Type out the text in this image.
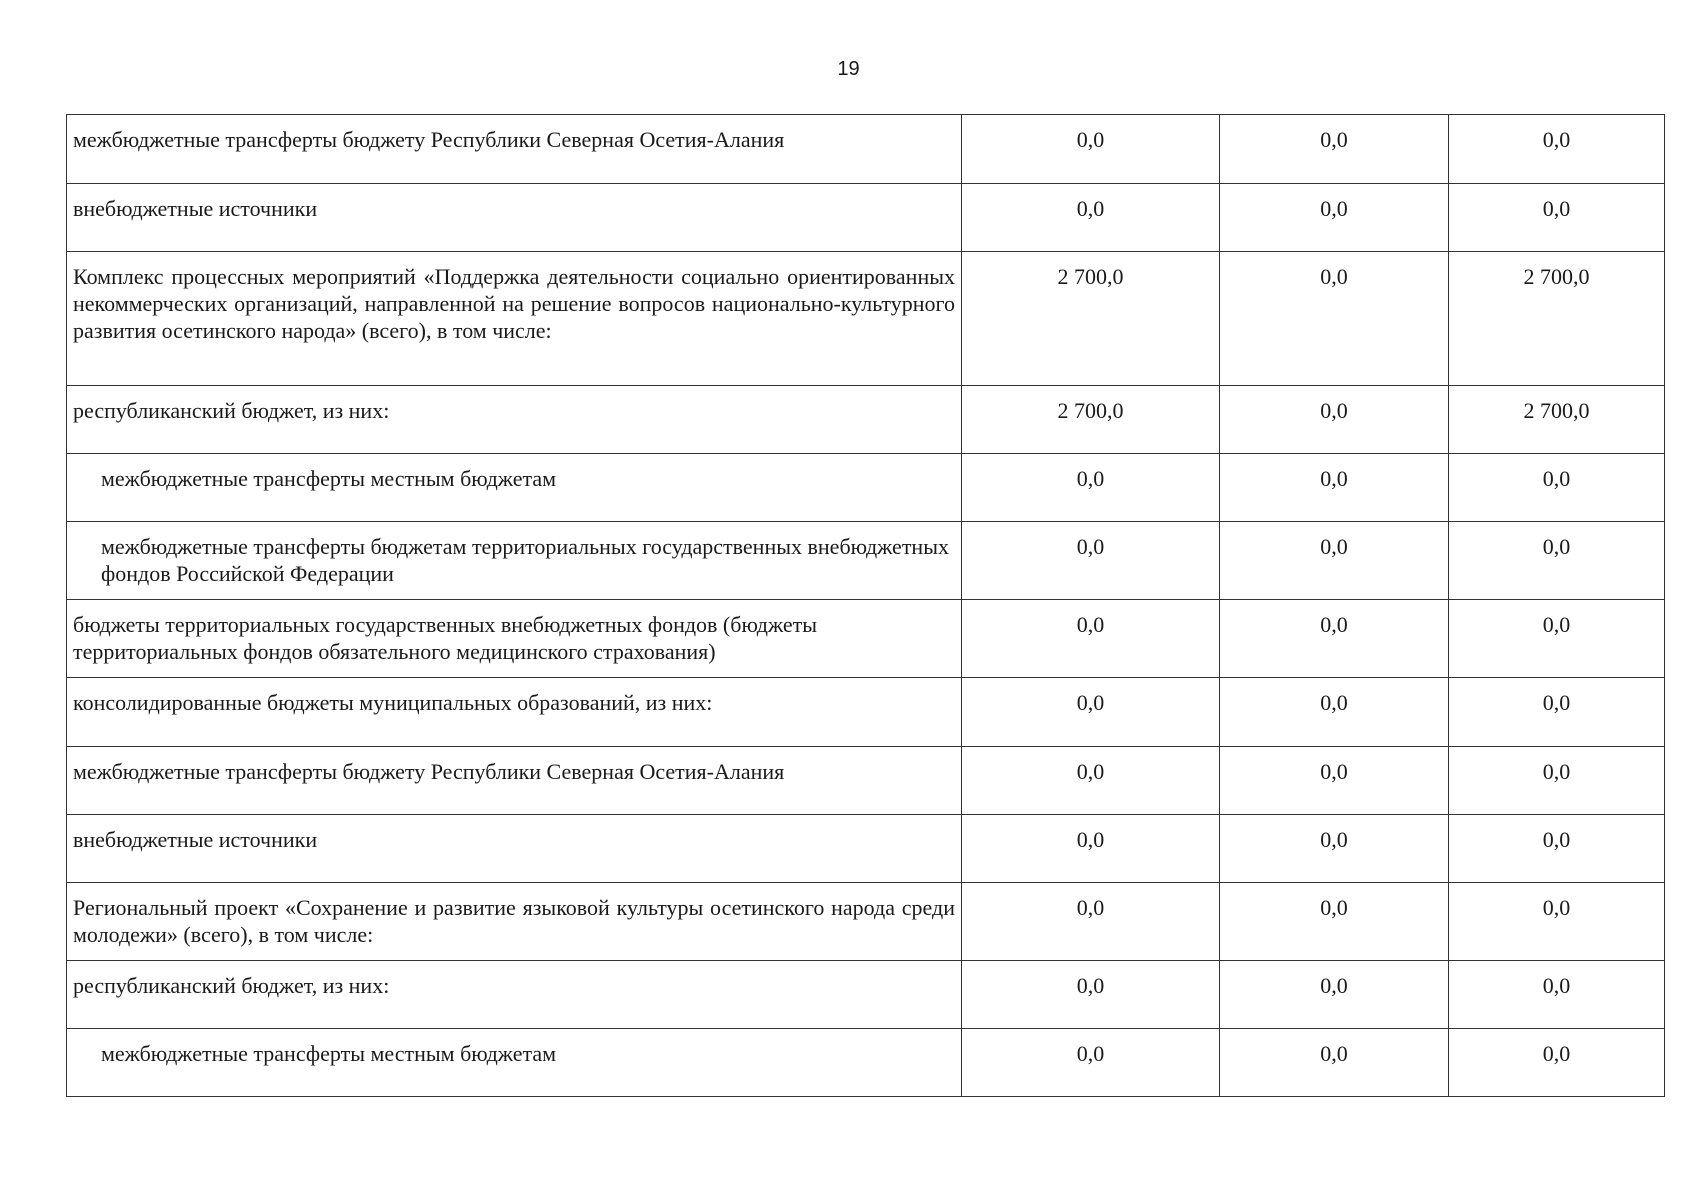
19
межбюджетные трансферты бюджету Республики Северная Осетия-Алания	0,0	0,0	0,0
внебюджетные источники	0,0	0,0	0,0
Комплекс процессных мероприятий «Поддержка деятельности социально ориентированных некоммерческих организаций, направленной на решение вопросов национально-культурного развития осетинского народа» (всего), в том числе:	2 700,0	0,0	2 700,0
республиканский бюджет, из них:	2 700,0	0,0	2 700,0
межбюджетные трансферты местным бюджетам	0,0	0,0	0,0
межбюджетные трансферты бюджетам территориальных государственных внебюджетных фондов Российской Федерации	0,0	0,0	0,0
бюджеты территориальных государственных внебюджетных фондов (бюджеты территориальных фондов обязательного медицинского страхования)	0,0	0,0	0,0
консолидированные бюджеты муниципальных образований, из них:	0,0	0,0	0,0
межбюджетные трансферты бюджету Республики Северная Осетия-Алания	0,0	0,0	0,0
внебюджетные источники	0,0	0,0	0,0
Региональный проект «Сохранение и развитие языковой культуры осетинского народа среди молодежи» (всего), в том числе:	0,0	0,0	0,0
республиканский бюджет, из них:	0,0	0,0	0,0
межбюджетные трансферты местным бюджетам	0,0	0,0	0,0
